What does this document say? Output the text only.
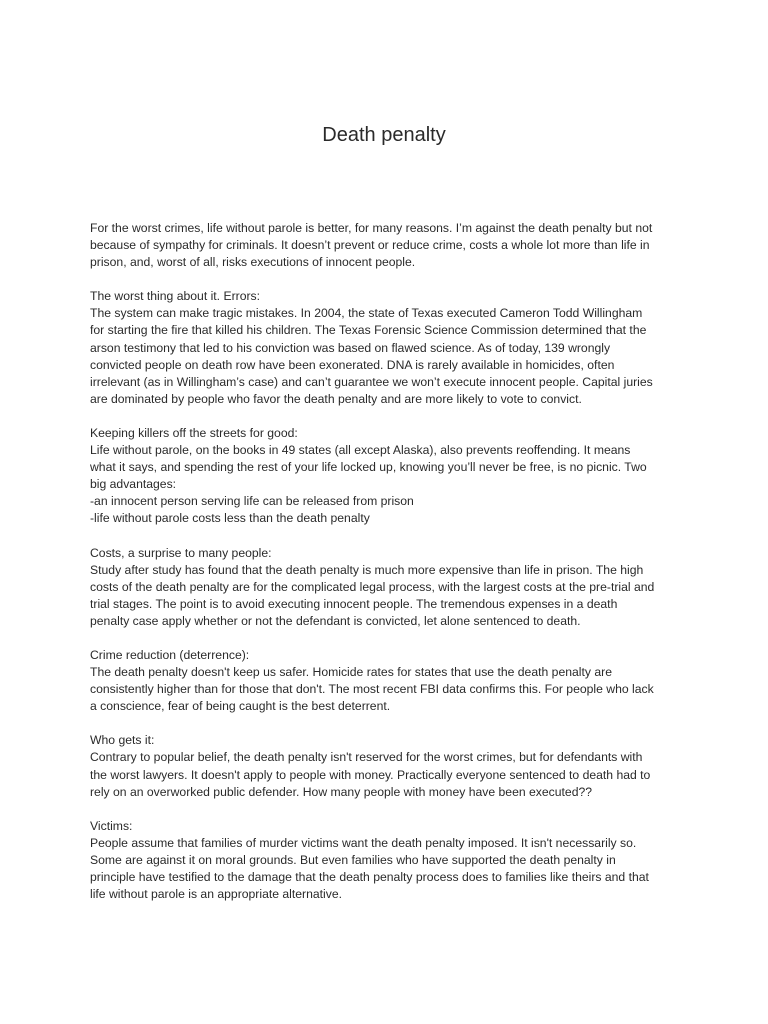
Death penalty
For the worst crimes, life without parole is better, for many reasons. I’m against the death penalty but not
because of sympathy for criminals. It doesn’t prevent or reduce crime, costs a whole lot more than life in
prison, and, worst of all, risks executions of innocent people.
The worst thing about it. Errors:
The system can make tragic mistakes. In 2004, the state of Texas executed Cameron Todd Willingham
for starting the fire that killed his children. The Texas Forensic Science Commission determined that the
arson testimony that led to his conviction was based on flawed science. As of today, 139 wrongly
convicted people on death row have been exonerated. DNA is rarely available in homicides, often
irrelevant (as in Willingham’s case) and can’t guarantee we won’t execute innocent people. Capital juries
are dominated by people who favor the death penalty and are more likely to vote to convict.
Keeping killers off the streets for good:
Life without parole, on the books in 49 states (all except Alaska), also prevents reoffending. It means
what it says, and spending the rest of your life locked up, knowing you’ll never be free, is no picnic. Two
big advantages:
-an innocent person serving life can be released from prison
-life without parole costs less than the death penalty
Costs, a surprise to many people:
Study after study has found that the death penalty is much more expensive than life in prison. The high
costs of the death penalty are for the complicated legal process, with the largest costs at the pre-trial and
trial stages. The point is to avoid executing innocent people. The tremendous expenses in a death
penalty case apply whether or not the defendant is convicted, let alone sentenced to death.
Crime reduction (deterrence):
The death penalty doesn't keep us safer. Homicide rates for states that use the death penalty are
consistently higher than for those that don't. The most recent FBI data confirms this. For people who lack
a conscience, fear of being caught is the best deterrent.
Who gets it:
Contrary to popular belief, the death penalty isn't reserved for the worst crimes, but for defendants with
the worst lawyers. It doesn't apply to people with money. Practically everyone sentenced to death had to
rely on an overworked public defender. How many people with money have been executed??
Victims:
People assume that families of murder victims want the death penalty imposed. It isn't necessarily so.
Some are against it on moral grounds. But even families who have supported the death penalty in
principle have testified to the damage that the death penalty process does to families like theirs and that
life without parole is an appropriate alternative.
